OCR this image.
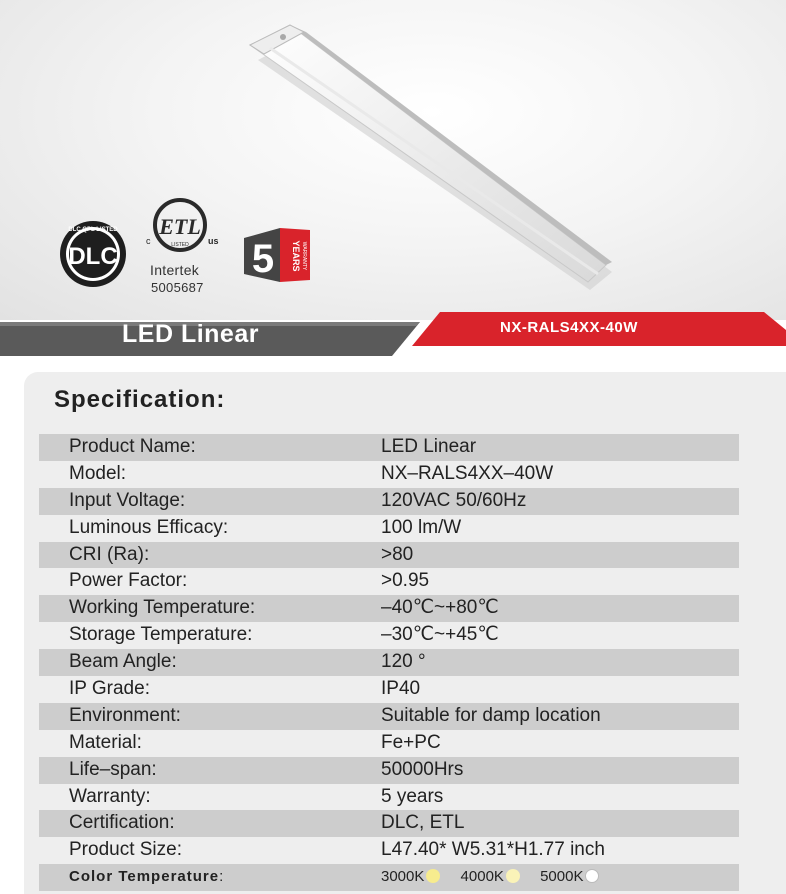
DLC
DLC QPL LISTED ETL
LISTED
c	us 5 YEARS WARRANTY
Intertek
5005687
LED Linear	NX-RALS4XX-40W
Specification:
Product Name:	LED Linear
Model:	NX–RALS4XX–40W
Input Voltage:	120VAC 50/60Hz
Luminous Efficacy:	100 lm/W
CRI (Ra):	>80
Power Factor:	>0.95
Working Temperature:	–40℃~+80℃
Storage Temperature:	–30℃~+45℃
Beam Angle:	120 °
IP Grade:	IP40
Environment:	Suitable for damp location
Material:	Fe+PC
Life–span:	50000Hrs
Warranty:	5 years
Certification:	DLC, ETL
Product Size:	L47.40* W5.31*H1.77 inch
Color Temperature:	3000K 4000K 5000K
